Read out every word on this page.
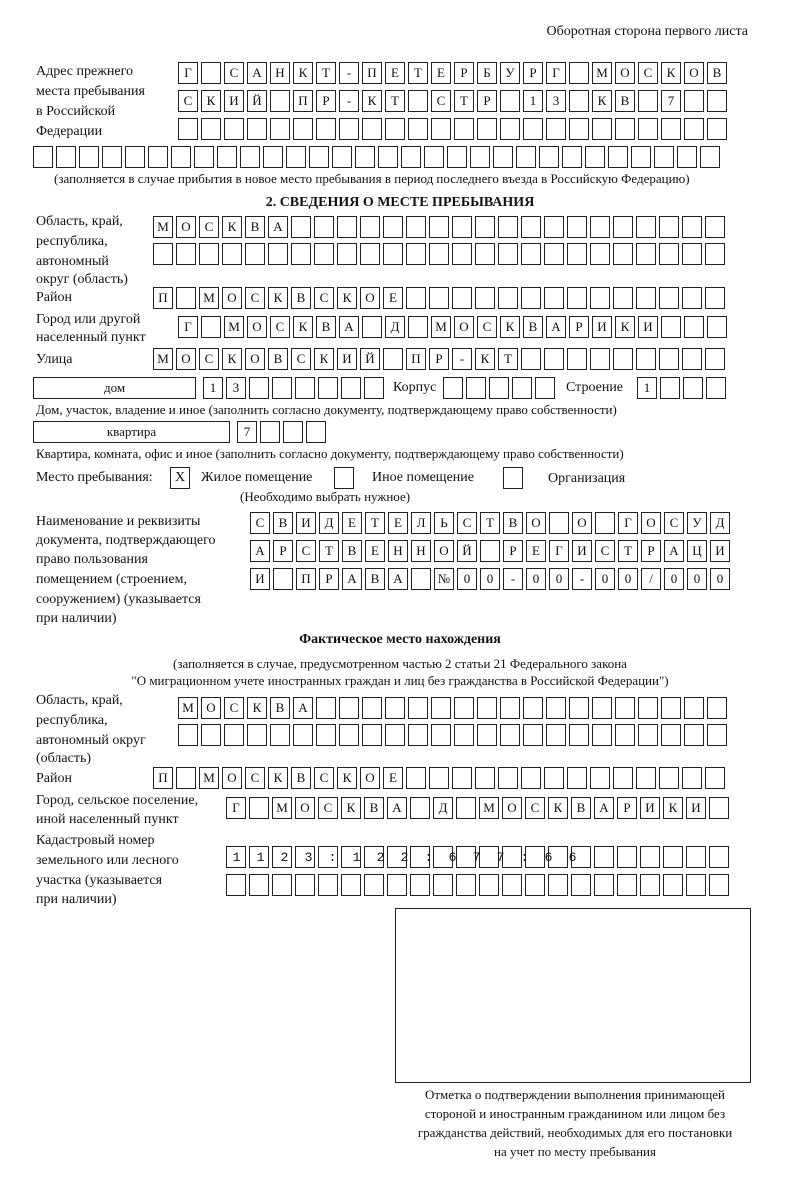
Оборотная сторона первого листа
Адрес прежнего
места пребывания
в Российской
Федерации
Г	С	А	Н	К	Т	-	П	Е	Т	Е	Р	Б	У	Р	Г	М О	С	К	О	В
С	К	И	Й	П	Р	-	К	Т	С	Т	Р	1	3	К	В	7
(заполняется в случае прибытия в новое место пребывания в период последнего въезда в Российскую Федерацию)
2. СВЕДЕНИЯ О МЕСТЕ ПРЕБЫВАНИЯ
Область, край,
республика,
автономный
округ (область)
М О	С	К	В	А
Район	П	М О	С	К	В	С	К	О	Е
Город или другой
населенный пункт
Г	М О	С	К	В	А	Д	М О	С	К	В	А	Р	И	К	И
Улица	М О	С	К	О	В	С	К	И	Й	П	Р	-	К	Т
дом	1	3	Корпус	Строение	1
Дом, участок, владение и иное (заполнить согласно документу, подтверждающему право собственности)
квартира	7
Квартира, комната, офис и иное (заполнить согласно документу, подтверждающему право собственности)
Место пребывания:	Х	Жилое помещение	Иное помещение	Организация
(Необходимо выбрать нужное)
Наименование и реквизиты
документа, подтверждающего
право пользования
помещением (строением,
сооружением) (указывается
при наличии)
С	В	И	Д	Е	Т	Е	Л	Ь	С	Т	В	О	О	Г	О	С	У	Д
А	Р	С	Т	В	Е	Н	Н	О	Й	Р	Е	Г	И	С	Т	Р	А	Ц	И
И	П	Р	А	В	А	№	0	0	-	0	0	-	0	0	/	0	0	0
Фактическое место нахождения
(заполняется в случае, предусмотренном частью 2 статьи 21 Федерального закона
"О миграционном учете иностранных граждан и лиц без гражданства в Российской Федерации")
Область, край,
республика,
автономный округ
(область)
М О	С	К	В	А
Район	П	М О	С	К	В	С	К	О	Е
Город, сельское поселение,
иной населенный пункт
Г	М О	С	К	В	А	Д	М О	С	К	В	А	Р	И	К	И
Кадастровый номер
земельного или лесного
участка (указывается
при наличии)
1123:122:677:66
Отметка о подтверждении выполнения принимающей
стороной и иностранным гражданином или лицом без
гражданства действий, необходимых для его постановки
на учет по месту пребывания
